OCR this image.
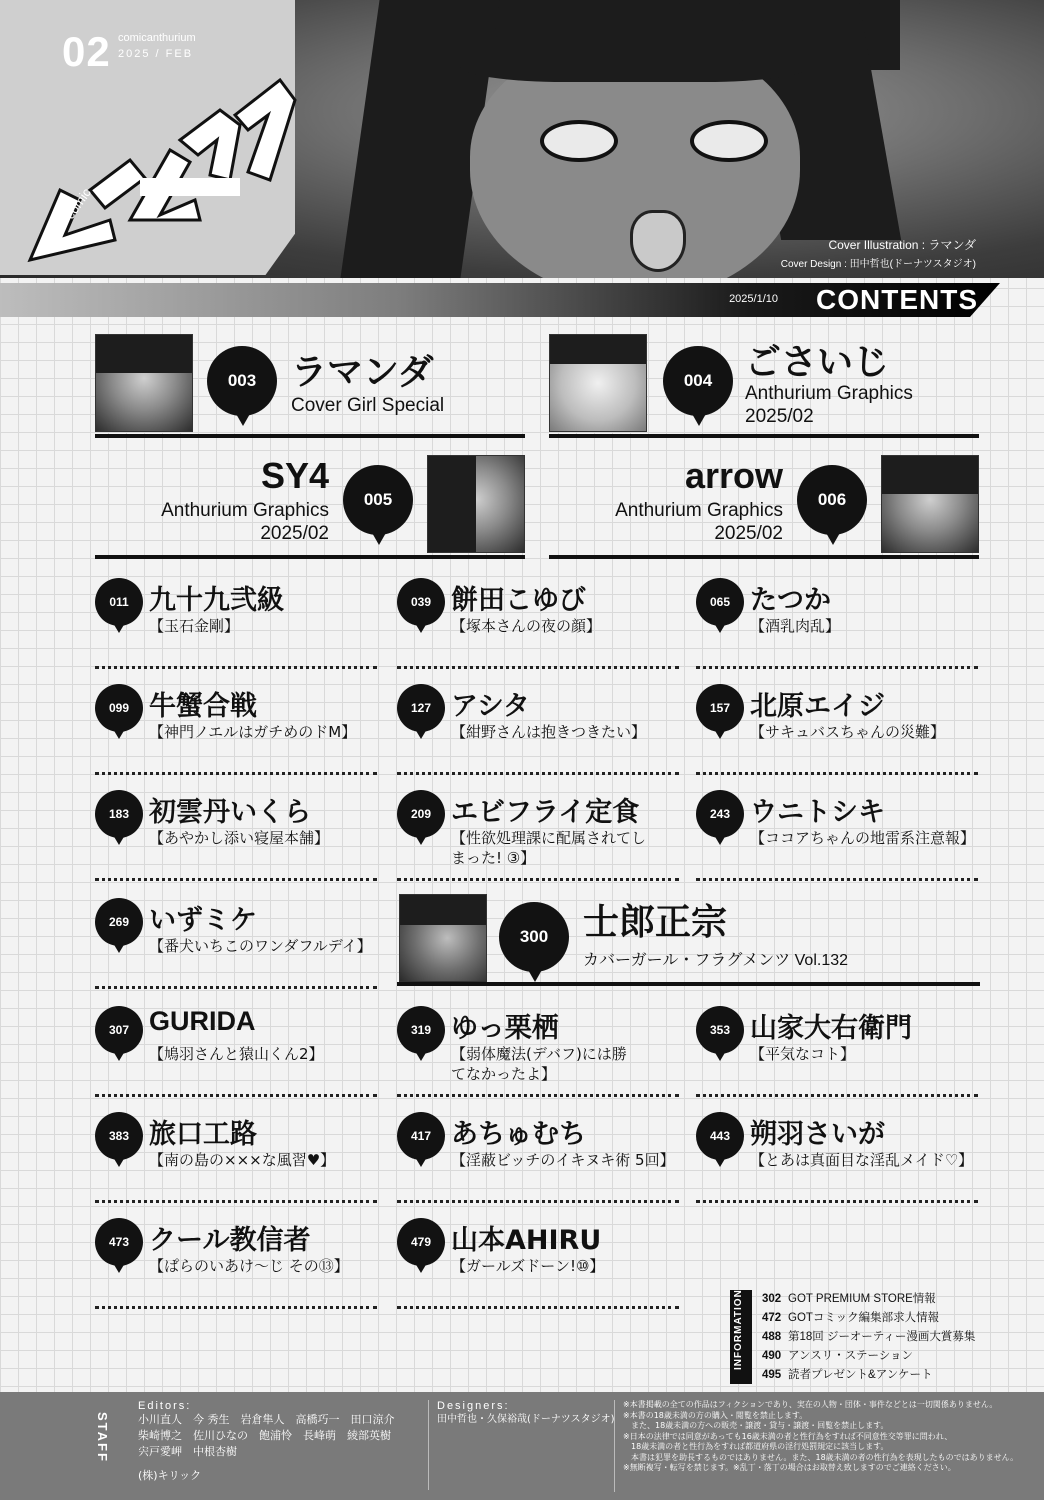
02 comicanthurium
2025 / FEB
comic
Cover Illustration : ラマンダ
Cover Design : 田中哲也(ドーナツスタジオ)
2025/1/10 CONTENTS
003 ラマンダ
Cover Girl Special
004 ごさいじ
Anthurium Graphics
2025/02
SY4
Anthurium Graphics
2025/02
005
arrow
Anthurium Graphics
2025/02
006
011 九十九弐級
【玉石金剛】
039 餅田こゆび
【塚本さんの夜の顔】
065 たつか
【酒乳肉乱】
099 牛蟹合戦
【神門ノエルはガチめのドM】
127 アシタ
【紺野さんは抱きつきたい】
157 北原エイジ
【サキュバスちゃんの災難】
183 初雲丹いくら
【あやかし添い寝屋本舗】
209 エビフライ定食
【性欲処理課に配属されてしまった! ③】
243 ウニトシキ
【ココアちゃんの地雷系注意報】
269 いずミケ
【番犬いちこのワンダフルデイ】	300 士郎正宗
カバーガール・フラグメンツ Vol.132
307 GURIDA
【鳩羽さんと猿山くん2】
319 ゆっ栗栖
【弱体魔法(デバフ)には勝てなかったよ】
353 山家大右衛門
【平気なコト】
383 旅口工路
【南の島の×××な風習♥】
417 あちゅむち
【淫蔽ビッチのイキヌキ術 5回】
443 朔羽さいが
【とあは真面目な淫乱メイド♡】
473 クール教信者
【ぱらのいあけ〜じ その⑬】
479 山本AHIRU
【ガールズドーン!⑩】
INFORMATION 302 GOT PREMIUM STORE情報
472 GOTコミック編集部求人情報
488 第18回 ジーオーティー漫画大賞募集
490 アンスリ・ステーション
495 読者プレゼント&アンケート
STAFF
Editors:
小川直人　今 秀生　岩倉隼人　高橋巧一　田口涼介
柴崎博之　佐川ひなの　飽浦怜　長峰萌　綾部英樹
宍戸愛岬　中根杏樹
(株)キリック
Designers:
田中哲也・久保裕哉(ドーナツスタジオ)
※本書掲載の全ての作品はフィクションであり、実在の人物・団体・事件などとは一切関係ありません。
※本書の18歳未満の方の購入・閲覧を禁止します。
　また、18歳未満の方への販売・譲渡・貸与・譲渡・回覧を禁止します。
※日本の法律では同意があっても16歳未満の者と性行為をすれば不同意性交等罪に問われ、
　18歳未満の者と性行為をすれば都道府県の淫行処罰規定に該当します。
　本書は犯罪を助長するものではありません。また、18歳未満の者の性行為を表現したものではありません。
※無断複写・転写を禁じます。※乱丁・落丁の場合はお取替え致しますのでご連絡ください。
